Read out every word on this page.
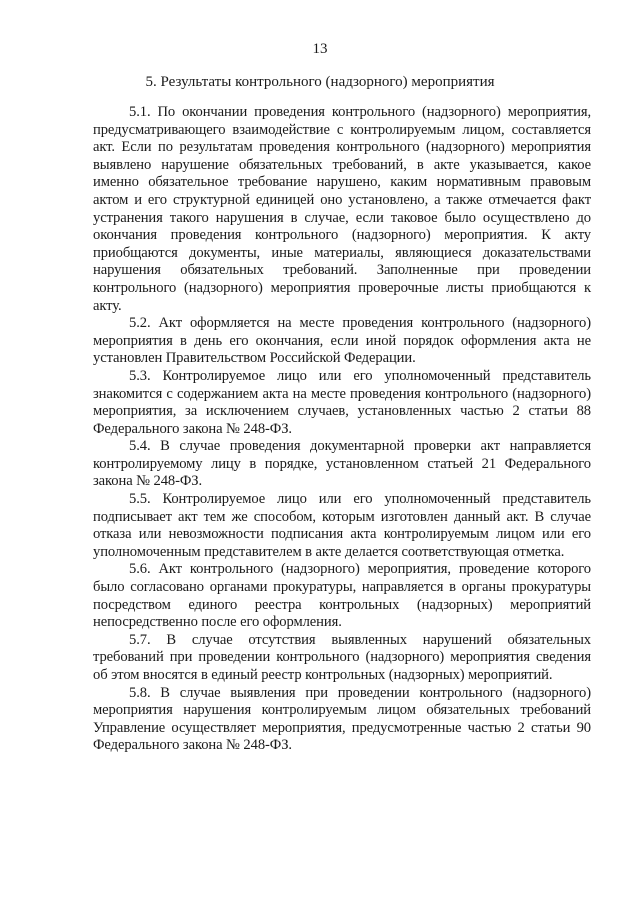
13
5. Результаты контрольного (надзорного) мероприятия

5.1. По окончании проведения контрольного (надзорного) мероприятия, предусматривающего взаимодействие с контролируемым лицом, составляется акт. Если по результатам проведения контрольного (надзорного) мероприятия выявлено нарушение обязательных требований, в акте указывается, какое именно обязательное требование нарушено, каким нормативным правовым актом и его структурной единицей оно установлено, а также отмечается факт устранения такого нарушения в случае, если таковое было осуществлено до окончания проведения контрольного (надзорного) мероприятия. К акту приобщаются документы, иные материалы, являющиеся доказательствами нарушения обязательных требований. Заполненные при проведении контрольного (надзорного) мероприятия проверочные листы приобщаются к акту.

5.2. Акт оформляется на месте проведения контрольного (надзорного) мероприятия в день его окончания, если иной порядок оформления акта не установлен Правительством Российской Федерации.

5.3. Контролируемое лицо или его уполномоченный представитель знакомится с содержанием акта на месте проведения контрольного (надзорного) мероприятия, за исключением случаев, установленных частью 2 статьи 88 Федерального закона № 248-ФЗ.

5.4. В случае проведения документарной проверки акт направляется контролируемому лицу в порядке, установленном статьей 21 Федерального закона № 248-ФЗ.

5.5. Контролируемое лицо или его уполномоченный представитель подписывает акт тем же способом, которым изготовлен данный акт. В случае отказа или невозможности подписания акта контролируемым лицом или его уполномоченным представителем в акте делается соответствующая отметка.

5.6. Акт контрольного (надзорного) мероприятия, проведение которого было согласовано органами прокуратуры, направляется в органы прокуратуры посредством единого реестра контрольных (надзорных) мероприятий непосредственно после его оформления.

5.7. В случае отсутствия выявленных нарушений обязательных требований при проведении контрольного (надзорного) мероприятия сведения об этом вносятся в единый реестр контрольных (надзорных) мероприятий.

5.8. В случае выявления при проведении контрольного (надзорного) мероприятия нарушения контролируемым лицом обязательных требований Управление осуществляет мероприятия, предусмотренные частью 2 статьи 90 Федерального закона № 248-ФЗ.
